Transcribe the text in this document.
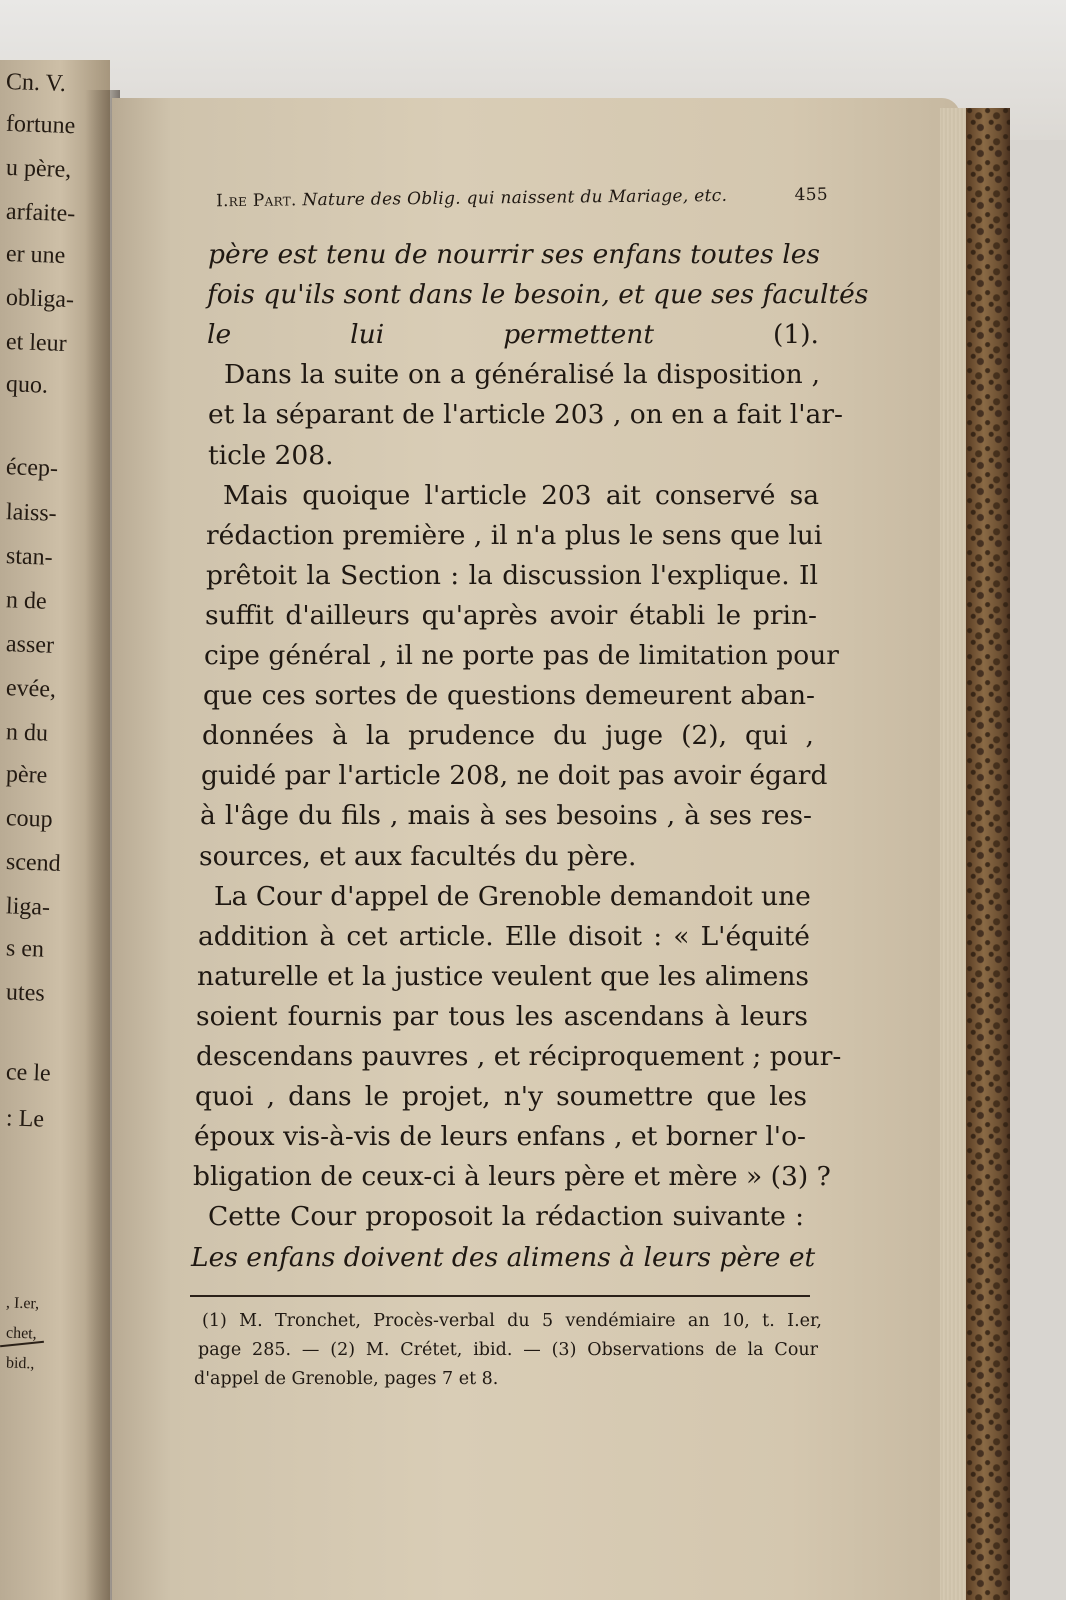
Cn. V.
fortune
u père,
arfaite-
er une
obliga-
et leur
quo.
écep-
laiss-
stan-
n de
asser
evée,
n du
père
coup
scend
liga-
s en
utes
ce le
: Le
, I.er,
chet,
bid.,
I.re Part. Nature des Oblig. qui naissent du Mariage, etc.	455
père est tenu de nourrir ses enfans toutes les
fois qu'ils sont dans le besoin, et que ses facultés
le lui permettent (1).
Dans la suite on a généralisé la disposition ,
et la séparant de l'article 203 , on en a fait l'ar-
ticle 208.
Mais quoique l'article 203 ait conservé sa
rédaction première , il n'a plus le sens que lui
prêtoit la Section : la discussion l'explique. Il
suffit d'ailleurs qu'après avoir établi le prin-
cipe général , il ne porte pas de limitation pour
que ces sortes de questions demeurent aban-
données à la prudence du juge (2), qui ,
guidé par l'article 208, ne doit pas avoir égard
à l'âge du fils , mais à ses besoins , à ses res-
sources, et aux facultés du père.
La Cour d'appel de Grenoble demandoit une
addition à cet article. Elle disoit : « L'équité
naturelle et la justice veulent que les alimens
soient fournis par tous les ascendans à leurs
descendans pauvres , et réciproquement ; pour-
quoi , dans le projet, n'y soumettre que les
époux vis-à-vis de leurs enfans , et borner l'o-
bligation de ceux-ci à leurs père et mère » (3) ?
Cette Cour proposoit la rédaction suivante :
Les enfans doivent des alimens à leurs père et
(1) M. Tronchet, Procès-verbal du 5 vendémiaire an 10, t. I.er,
page 285. — (2) M. Crétet, ibid. — (3) Observations de la Cour
d'appel de Grenoble, pages 7 et 8.
